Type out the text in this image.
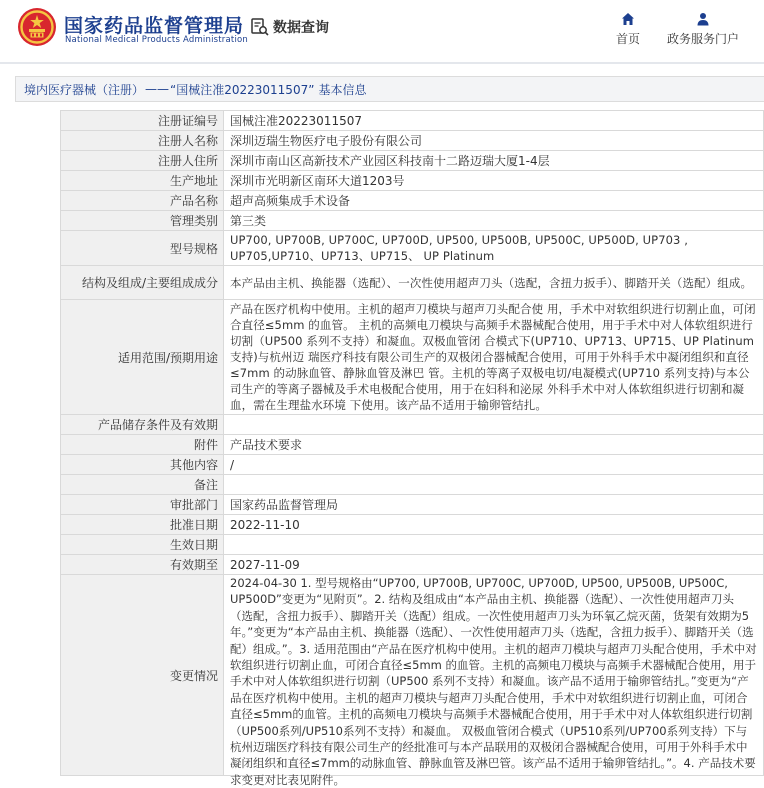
国家药品监督管理局
National Medical Products Administration
数据查询
首页	政务服务门户
境内医疗器械（注册） —— “国械注准20223011507” 基本信息
注册证编号	国械注准20223011507
注册人名称	深圳迈瑞生物医疗电子股份有限公司
注册人住所	深圳市南山区高新技术产业园区科技南十二路迈瑞大厦1-4层
生产地址	深圳市光明新区南环大道1203号
产品名称	超声高频集成手术设备
管理类别	第三类
型号规格	UP700, UP700B, UP700C, UP700D, UP500, UP500B, UP500C, UP500D, UP703 , UP705,UP710、UP713、UP715、 UP Platinum
结构及组成/主要组成成分	本产品由主机、换能器（选配）、一次性使用超声刀头（选配，含扭力扳手）、脚踏开关（选配）组成。
适用范围/预期用途	产品在医疗机构中使用。主机的超声刀模块与超声刀头配合使 用，手术中对软组织进行切割止血，可闭合直径≤5mm 的血管。 主机的高频电刀模块与高频手术器械配合使用，用于手术中对人体软组织进行切割（UP500 系列不支持）和凝血。双极血管闭 合模式下(UP710、UP713、UP715、UP Platinum 支持)与杭州迈 瑞医疗科技有限公司生产的双极闭合器械配合使用，可用于外科手术中凝闭组织和直径≤7mm 的动脉血管、静脉血管及淋巴 管。主机的等离子双极电切/电凝模式(UP710 系列支持)与本公 司生产的等离子器械及手术电极配合使用，用于在妇科和泌尿 外科手术中对人体软组织进行切割和凝血，需在生理盐水环境 下使用。该产品不适用于输卵管结扎。
产品储存条件及有效期	
附件	产品技术要求
其他内容	/
备注	
审批部门	国家药品监督管理局
批准日期	2022-11-10
生效日期	
有效期至	2027-11-09
变更情况	2024-04-30 1. 型号规格由“UP700, UP700B, UP700C, UP700D, UP500, UP500B, UP500C, UP500D”变更为“见附页”。2. 结构及组成由“本产品由主机、换能器（选配）、一次性使用超声刀头（选配，含扭力扳手）、脚踏开关（选配）组成。一次性使用超声刀头为环氧乙烷灭菌，货架有效期为5年。”变更为“本产品由主机、换能器（选配）、一次性使用超声刀头（选配，含扭力扳手）、脚踏开关（选配）组成。”。3. 适用范围由“产品在医疗机构中使用。主机的超声刀模块与超声刀头配合使用，手术中对软组织进行切割止血，可闭合直径≤5mm 的血管。主机的高频电刀模块与高频手术器械配合使用，用于手术中对人体软组织进行切割（UP500 系列不支持）和凝血。该产品不适用于输卵管结扎。”变更为“产品在医疗机构中使用。主机的超声刀模块与超声刀头配合使用，手术中对软组织进行切割止血，可闭合直径≤5mm的血管。主机的高频电刀模块与高频手术器械配合使用，用于手术中对人体软组织进行切割（UP500系列/UP510系列不支持）和凝血。 双极血管闭合模式（UP510系列/UP700系列支持）下与杭州迈瑞医疗科技有限公司生产的经批准可与本产品联用的双极闭合器械配合使用，可用于外科手术中凝闭组织和直径≤7mm的动脉血管、静脉血管及淋巴管。该产品不适用于输卵管结扎。”。4. 产品技术要求变更对比表见附件。
